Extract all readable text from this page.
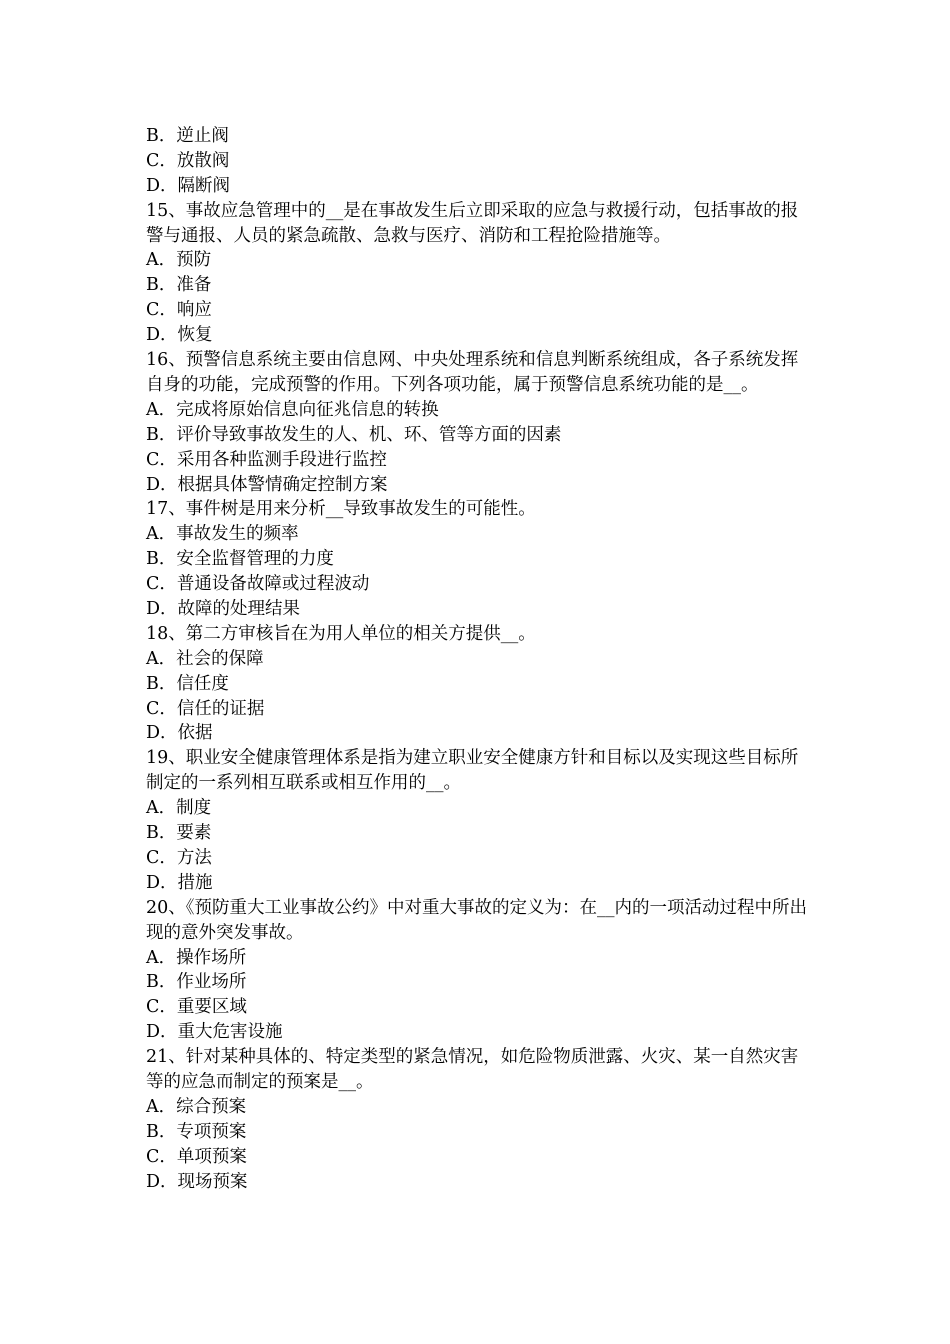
B．逆止阀
C．放散阀
D．隔断阀
15、事故应急管理中的__是在事故发生后立即采取的应急与救援行动，包括事故的报警与通报、人员的紧急疏散、急救与医疗、消防和工程抢险措施等。
A．预防
B．准备
C．响应
D．恢复
16、预警信息系统主要由信息网、中央处理系统和信息判断系统组成，各子系统发挥自身的功能，完成预警的作用。下列各项功能，属于预警信息系统功能的是__。
A．完成将原始信息向征兆信息的转换
B．评价导致事故发生的人、机、环、管等方面的因素
C．采用各种监测手段进行监控
D．根据具体警情确定控制方案
17、事件树是用来分析__导致事故发生的可能性。
A．事故发生的频率
B．安全监督管理的力度
C．普通设备故障或过程波动
D．故障的处理结果
18、第二方审核旨在为用人单位的相关方提供__。
A．社会的保障
B．信任度
C．信任的证据
D．依据
19、职业安全健康管理体系是指为建立职业安全健康方针和目标以及实现这些目标所制定的一系列相互联系或相互作用的__。
A．制度
B．要素
C．方法
D．措施
20、《预防重大工业事故公约》中对重大事故的定义为：在__内的一项活动过程中所出现的意外突发事故。
A．操作场所
B．作业场所
C．重要区域
D．重大危害设施
21、针对某种具体的、特定类型的紧急情况，如危险物质泄露、火灾、某一自然灾害等的应急而制定的预案是__。
A．综合预案
B．专项预案
C．单项预案
D．现场预案
